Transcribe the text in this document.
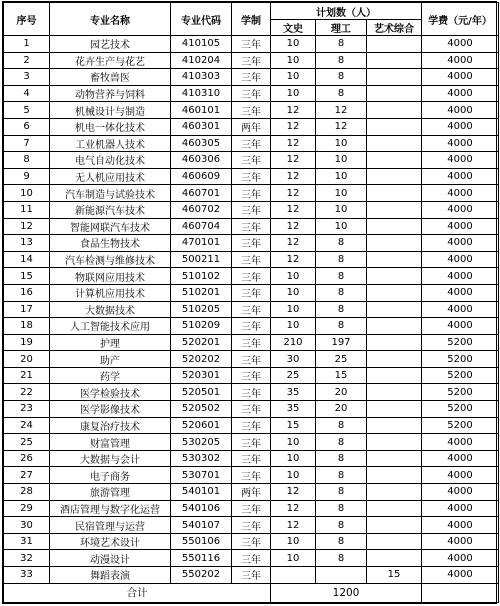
序号	专业名称	专业代码	学制	计划数（人）			学费（元/年）
				文史	理工	艺术综合	
1	园艺技术	410105	三年	10	8		4000
2	花卉生产与花艺	410204	三年	10	8		4000
3	畜牧兽医	410303	三年	10	8		4000
4	动物营养与饲料	410310	三年	10	8		4000
5	机械设计与制造	460101	三年	12	12		4000
6	机电一体化技术	460301	两年	12	12		4000
7	工业机器人技术	460305	三年	12	10		4000
8	电气自动化技术	460306	三年	12	10		4000
9	无人机应用技术	460609	三年	12	10		4000
10	汽车制造与试验技术	460701	三年	12	10		4000
11	新能源汽车技术	460702	三年	12	10		4000
12	智能网联汽车技术	460704	三年	12	10		4000
13	食品生物技术	470101	三年	12	8		4000
14	汽车检测与维修技术	500211	三年	12	8		4000
15	物联网应用技术	510102	三年	10	8		4000
16	计算机应用技术	510201	三年	10	8		4000
17	大数据技术	510205	三年	10	8		4000
18	人工智能技术应用	510209	三年	10	8		4000
19	护理	520201	三年	210	197		5200
20	助产	520202	三年	30	25		5200
21	药学	520301	三年	25	15		5200
22	医学检验技术	520501	三年	35	20		5200
23	医学影像技术	520502	三年	35	20		5200
24	康复治疗技术	520601	三年	15	8		5200
25	财富管理	530205	三年	10	8		4000
26	大数据与会计	530302	三年	10	8		4000
27	电子商务	530701	三年	10	8		4000
28	旅游管理	540101	两年	12	8		4000
29	酒店管理与数字化运营	540106	三年	12	8		4000
30	民宿管理与运营	540107	三年	12	8		4000
31	环境艺术设计	550106	三年	10	8		4000
32	动漫设计	550116	三年	10	8		4000
33	舞蹈表演	550202	三年			15	4000
合计				1200			
